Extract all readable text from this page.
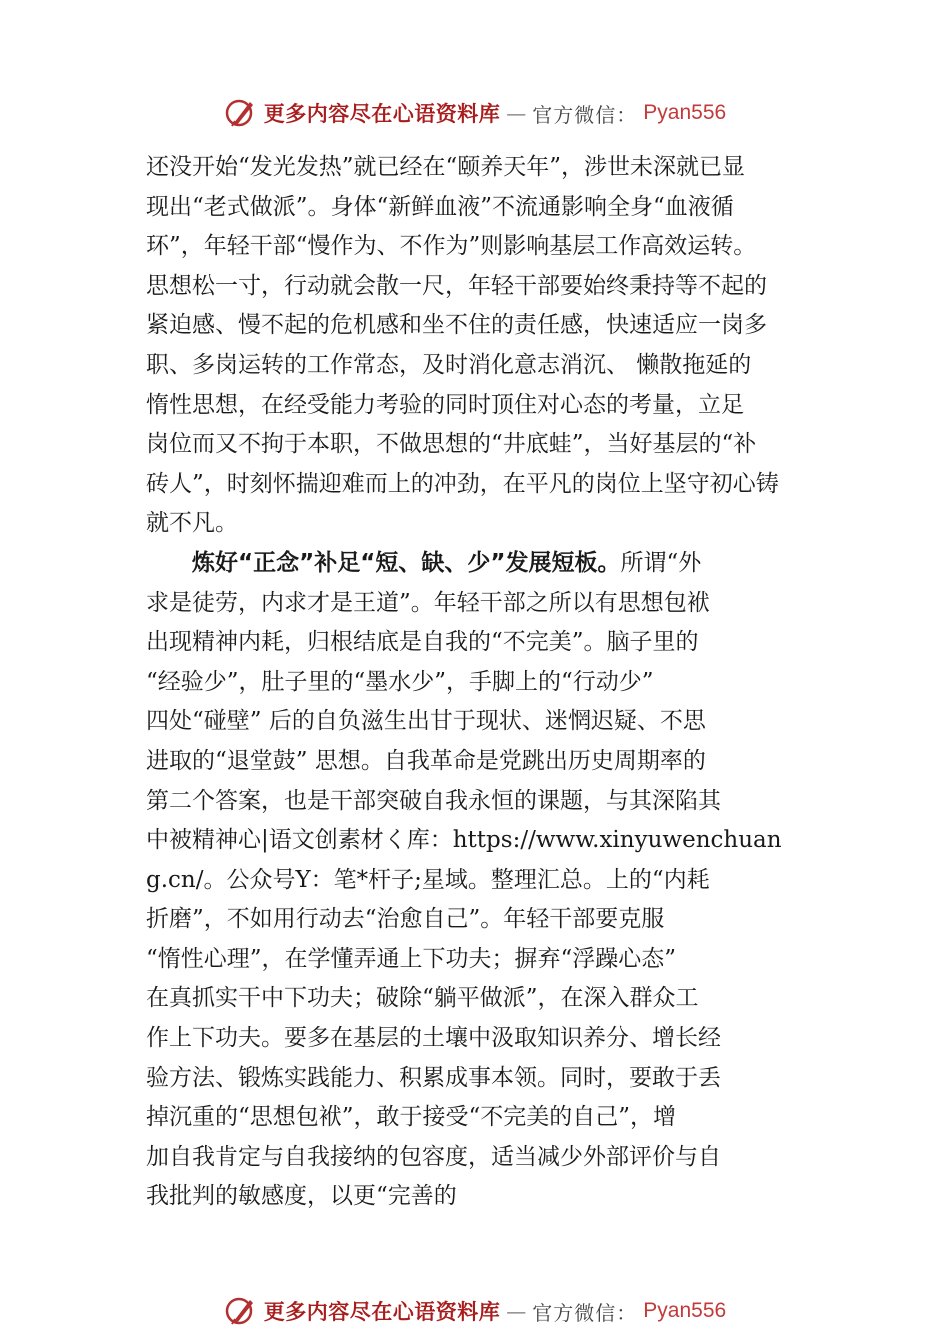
更多内容尽在心语资料库 — 官方微信： Pyan556
还没开始“发光发热”就已经在“颐养天年”，涉世未深就已显
现出“老式做派”。身体“新鲜血液”不流通影响全身“血液循
环”，年轻干部“慢作为、不作为”则影响基层工作高效运转。
思想松一寸，行动就会散一尺，年轻干部要始终秉持等不起的
紧迫感、慢不起的危机感和坐不住的责任感，快速适应一岗多
职、多岗运转的工作常态，及时消化意志消沉、 懒散拖延的
惰性思想，在经受能力考验的同时顶住对心态的考量，立足
岗位而又不拘于本职，不做思想的“井底蛙”，当好基层的“补
砖人”，时刻怀揣迎难而上的冲劲，在平凡的岗位上坚守初心铸
就不凡。
炼好“正念”补足“短、缺、少”发展短板。所谓“外
求是徒劳，内求才是王道”。年轻干部之所以有思想包袱
出现精神内耗，归根结底是自我的“不完美”。脑子里的
“经验少”，肚子里的“墨水少”，手脚上的“行动少”
四处“碰壁” 后的自负滋生出甘于现状、迷惘迟疑、不思
进取的“退堂鼓” 思想。自我革命是党跳出历史周期率的
第二个答案，也是干部突破自我永恒的课题，与其深陷其
中被精神心|语文创素材く库：https://www.xinyuwenchuan
g.cn/。公众号Y：笔*杆子;星域。整理汇总。上的“内耗
折磨”，不如用行动去“治愈自己”。年轻干部要克服
“惰性心理”，在学懂弄通上下功夫；摒弃“浮躁心态”
在真抓实干中下功夫；破除“躺平做派”，在深入群众工
作上下功夫。要多在基层的土壤中汲取知识养分、增长经
验方法、锻炼实践能力、积累成事本领。同时，要敢于丢
掉沉重的“思想包袱”，敢于接受“不完美的自己”，增
加自我肯定与自我接纳的包容度，适当减少外部评价与自
我批判的敏感度，以更“完善的
更多内容尽在心语资料库 — 官方微信： Pyan556
